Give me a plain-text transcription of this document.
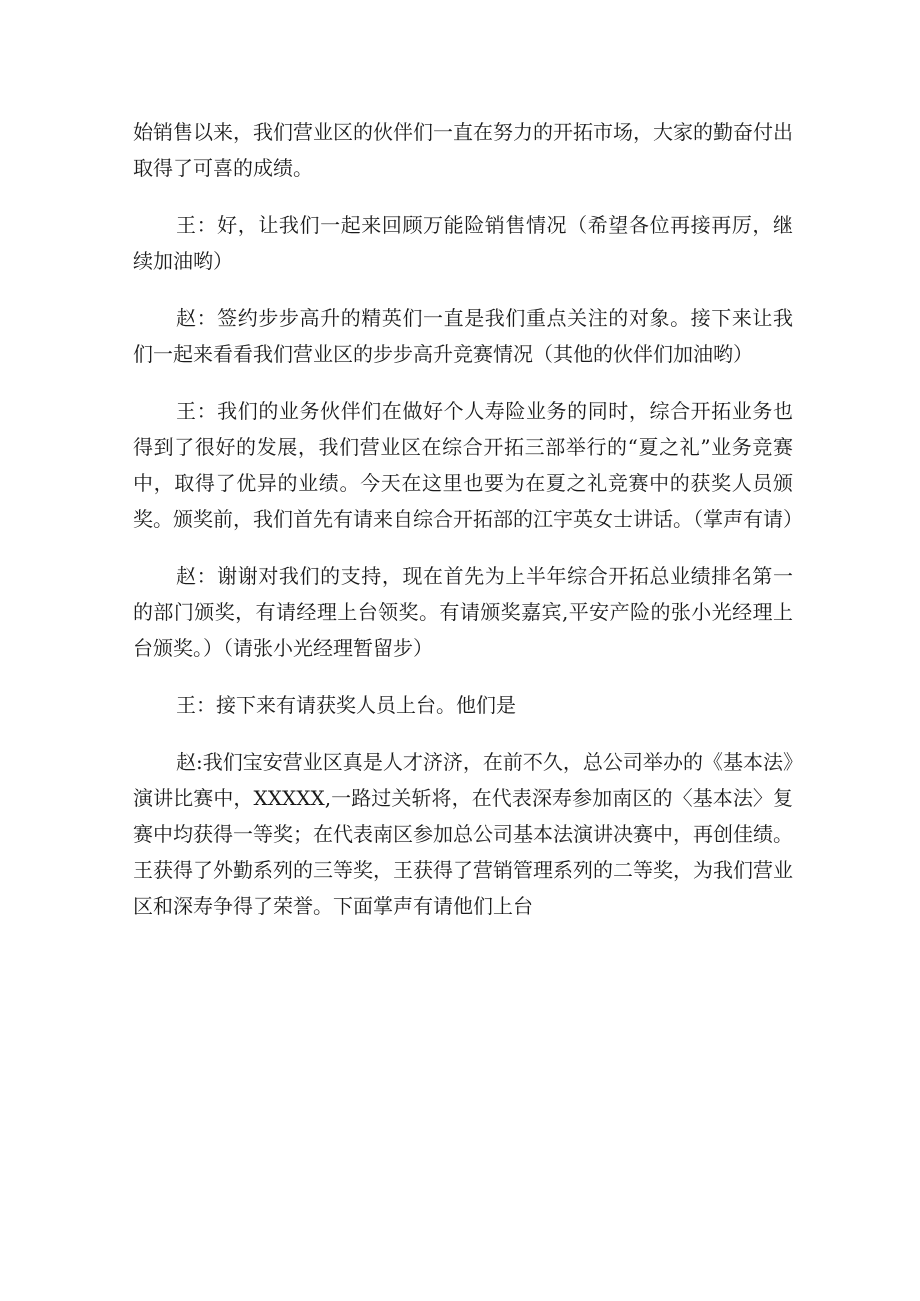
始销售以来，我们营业区的伙伴们一直在努力的开拓市场，大家的勤奋付出取得了可喜的成绩。

王：好，让我们一起来回顾万能险销售情况（希望各位再接再厉，继续加油哟）

赵：签约步步高升的精英们一直是我们重点关注的对象。接下来让我们一起来看看我们营业区的步步高升竞赛情况（其他的伙伴们加油哟）

王：我们的业务伙伴们在做好个人寿险业务的同时，综合开拓业务也得到了很好的发展，我们营业区在综合开拓三部举行的“夏之礼”业务竞赛中，取得了优异的业绩。今天在这里也要为在夏之礼竞赛中的获奖人员颁奖。颁奖前，我们首先有请来自综合开拓部的江宇英女士讲话。（掌声有请）

赵：谢谢对我们的支持，现在首先为上半年综合开拓总业绩排名第一的部门颁奖，有请经理上台领奖。有请颁奖嘉宾,平安产险的张小光经理上台颁奖。）（请张小光经理暂留步）

王：接下来有请获奖人员上台。他们是

赵:我们宝安营业区真是人才济济，在前不久，总公司举办的《基本法》演讲比赛中，XXXXX,一路过关斩将，在代表深寿参加南区的〈基本法〉复赛中均获得一等奖；在代表南区参加总公司基本法演讲决赛中，再创佳绩。王获得了外勤系列的三等奖，王获得了营销管理系列的二等奖，为我们营业区和深寿争得了荣誉。下面掌声有请他们上台
